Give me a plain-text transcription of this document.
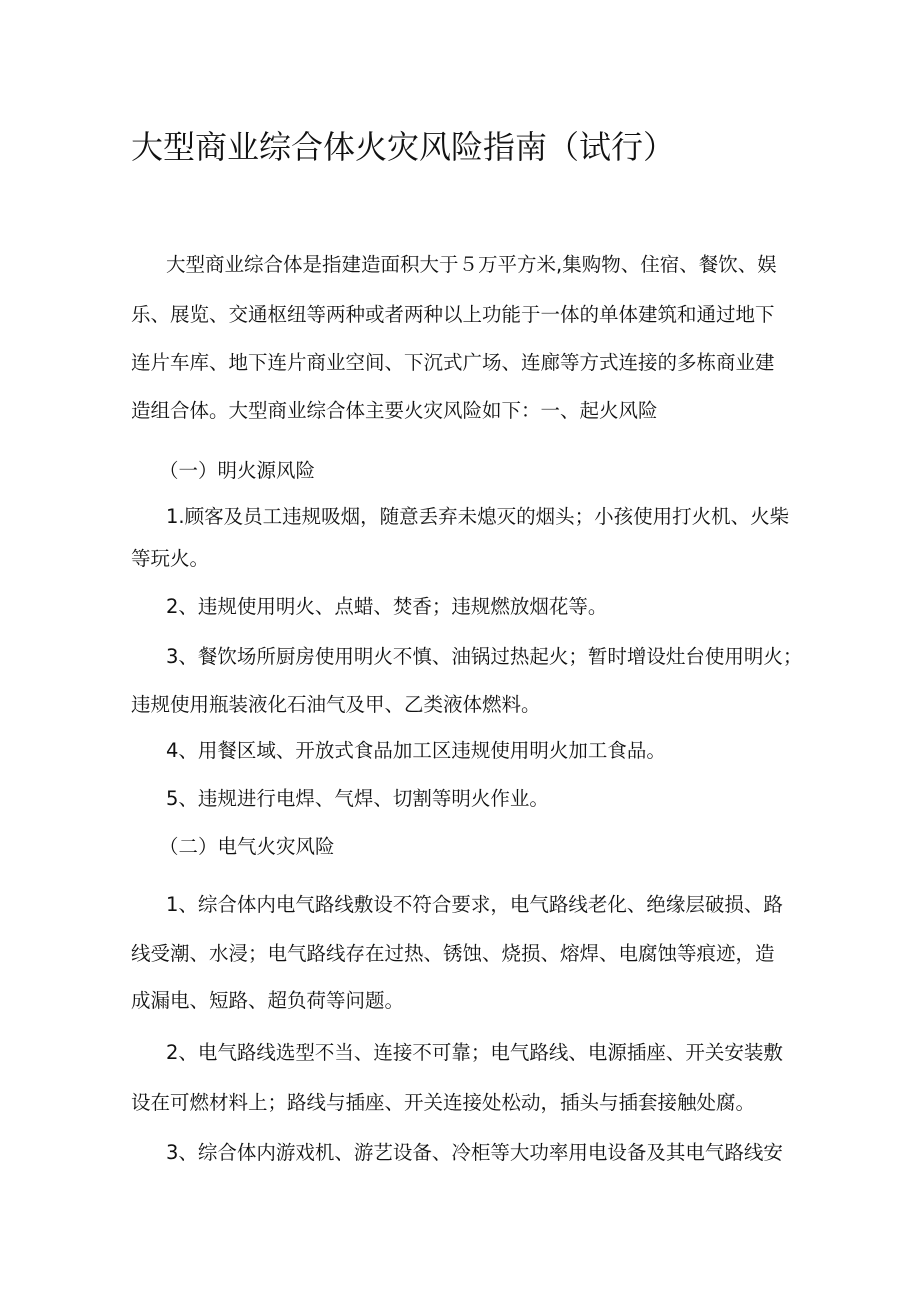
大型商业综合体火灾风险指南（试行）

大型商业综合体是指建造面积大于５万平方米,集购物、住宿、餐饮、娱

乐、展览、交通枢纽等两种或者两种以上功能于一体的单体建筑和通过地下

连片车库、地下连片商业空间、下沉式广场、连廊等方式连接的多栋商业建

造组合体。大型商业综合体主要火灾风险如下：一、起火风险

（一）明火源风险

1.顾客及员工违规吸烟，随意丢弃未熄灭的烟头；小孩使用打火机、火柴

等玩火。

2、违规使用明火、点蜡、焚香；违规燃放烟花等。

3、餐饮场所厨房使用明火不慎、油锅过热起火；暂时增设灶台使用明火；

违规使用瓶装液化石油气及甲、乙类液体燃料。

4、用餐区域、开放式食品加工区违规使用明火加工食品。

5、违规进行电焊、气焊、切割等明火作业。

（二）电气火灾风险

1、综合体内电气路线敷设不符合要求，电气路线老化、绝缘层破损、路

线受潮、水浸；电气路线存在过热、锈蚀、烧损、熔焊、电腐蚀等痕迹，造

成漏电、短路、超负荷等问题。

2、电气路线选型不当、连接不可靠；电气路线、电源插座、开关安装敷

设在可燃材料上；路线与插座、开关连接处松动，插头与插套接触处腐。

3、综合体内游戏机、游艺设备、冷柜等大功率用电设备及其电气路线安
